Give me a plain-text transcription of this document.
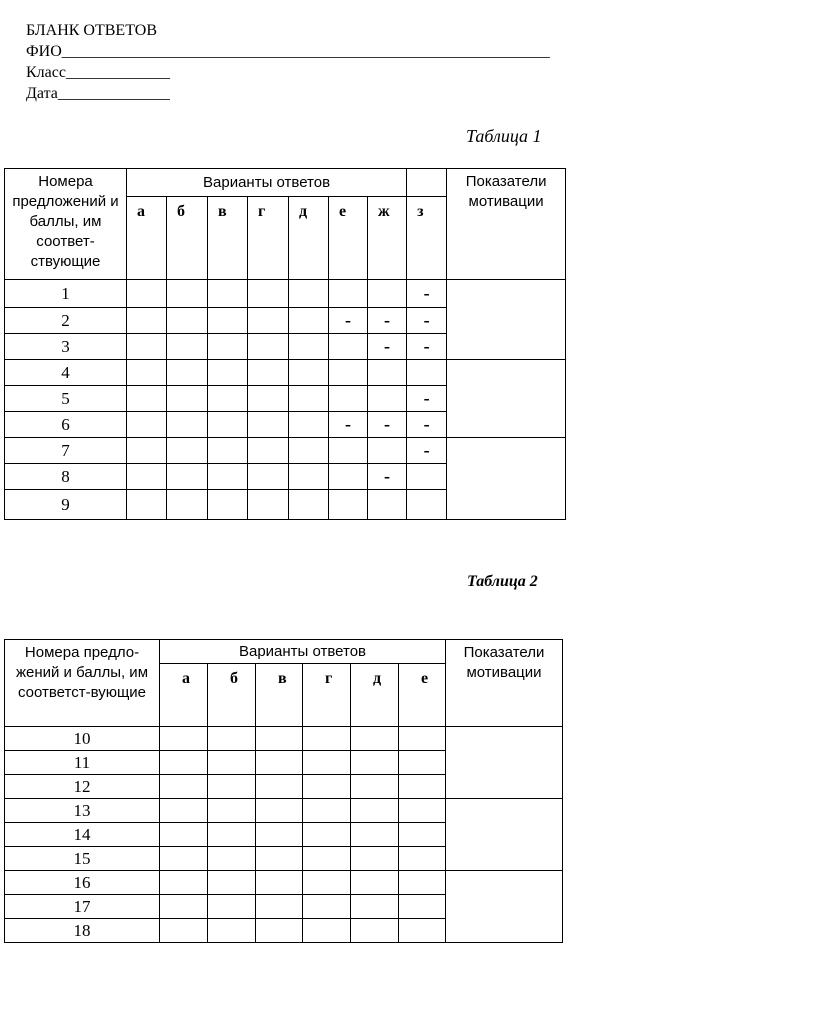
БЛАНК ОТВЕТОВ
ФИО_____________________________________________________________
Класс_____________
Дата______________
Таблица 1
Номера предложений и баллы, им соответ-ствующие	Варианты ответов								Показатели мотивации
	а	б	в	г	д	е	ж	з	
1								-	
2						-	-	-	
3							-	-	
4									
5								-	
6						-	-	-	
7								-	
8							-		
9									
Таблица 2
Номера предло-жений и баллы, им соответст-вующие	Варианты ответов						Показатели мотивации
	а	б	в	г	д	е	
10							
11							
12							
13							
14							
15							
16							
17							
18							
